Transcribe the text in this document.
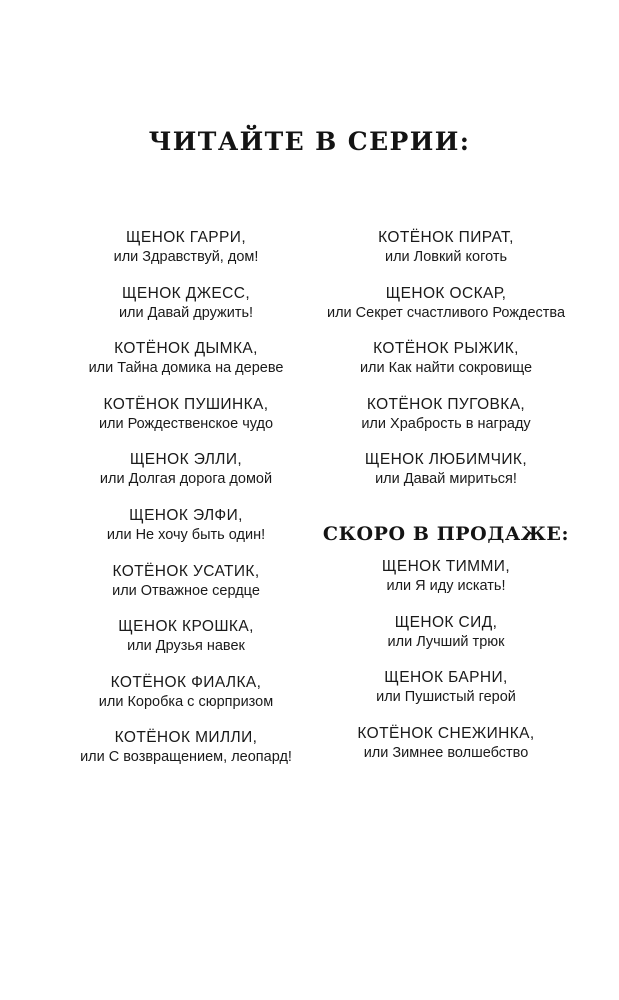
ЧИТАЙТЕ В СЕРИИ:
ЩЕНОК ГАРРИ,
или Здравствуй, дом!
ЩЕНОК ДЖЕСС,
или Давай дружить!
КОТЁНОК ДЫМКА,
или Тайна домика на дереве
КОТЁНОК ПУШИНКА,
или Рождественское чудо
ЩЕНОК ЭЛЛИ,
или Долгая дорога домой
ЩЕНОК ЭЛФИ,
или Не хочу быть один!
КОТЁНОК УСАТИК,
или Отважное сердце
ЩЕНОК КРОШКА,
или Друзья навек
КОТЁНОК ФИАЛКА,
или Коробка с сюрпризом
КОТЁНОК МИЛЛИ,
или С возвращением, леопард!
КОТЁНОК ПИРАТ,
или Ловкий коготь
ЩЕНОК ОСКАР,
или Секрет счастливого Рождества
КОТЁНОК РЫЖИК,
или Как найти сокровище
КОТЁНОК ПУГОВКА,
или Храбрость в награду
ЩЕНОК ЛЮБИМЧИК,
или Давай мириться!
СКОРО В ПРОДАЖЕ:
ЩЕНОК ТИММИ,
или Я иду искать!
ЩЕНОК СИД,
или Лучший трюк
ЩЕНОК БАРНИ,
или Пушистый герой
КОТЁНОК СНЕЖИНКА,
или Зимнее волшебство
